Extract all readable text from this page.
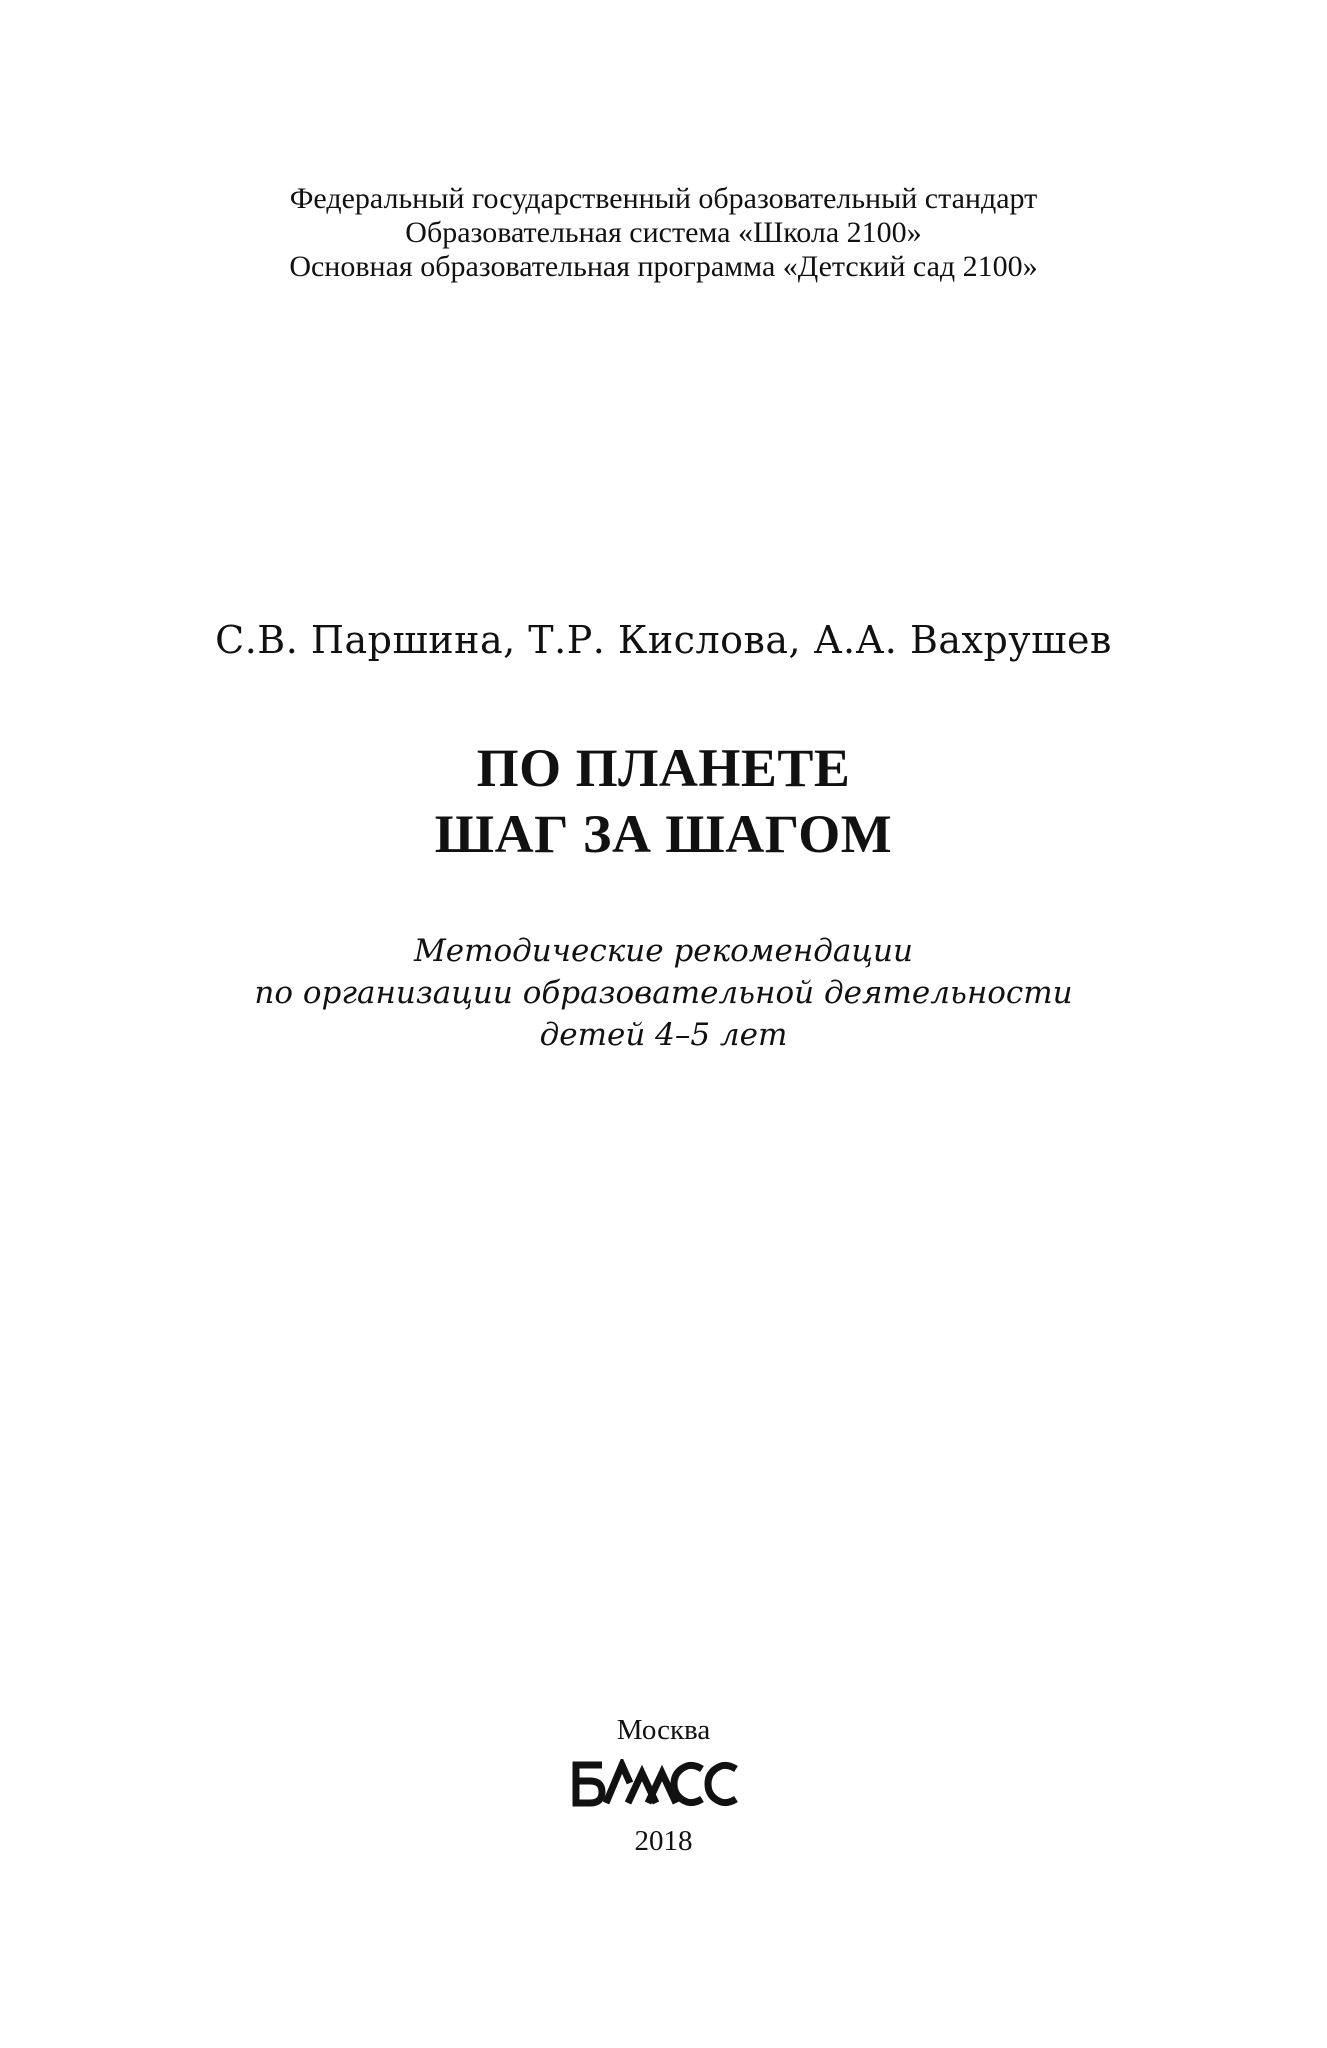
Федеральный государственный образовательный стандарт
Образовательная система «Школа 2100»
Основная образовательная программа «Детский сад 2100»
С.В. Паршина, Т.Р. Кислова, А.А. Вахрушев
ПО ПЛАНЕТЕ
ШАГ ЗА ШАГОМ
Методические рекомендации
по организации образовательной деятельности
детей 4–5 лет
Москва
2018
